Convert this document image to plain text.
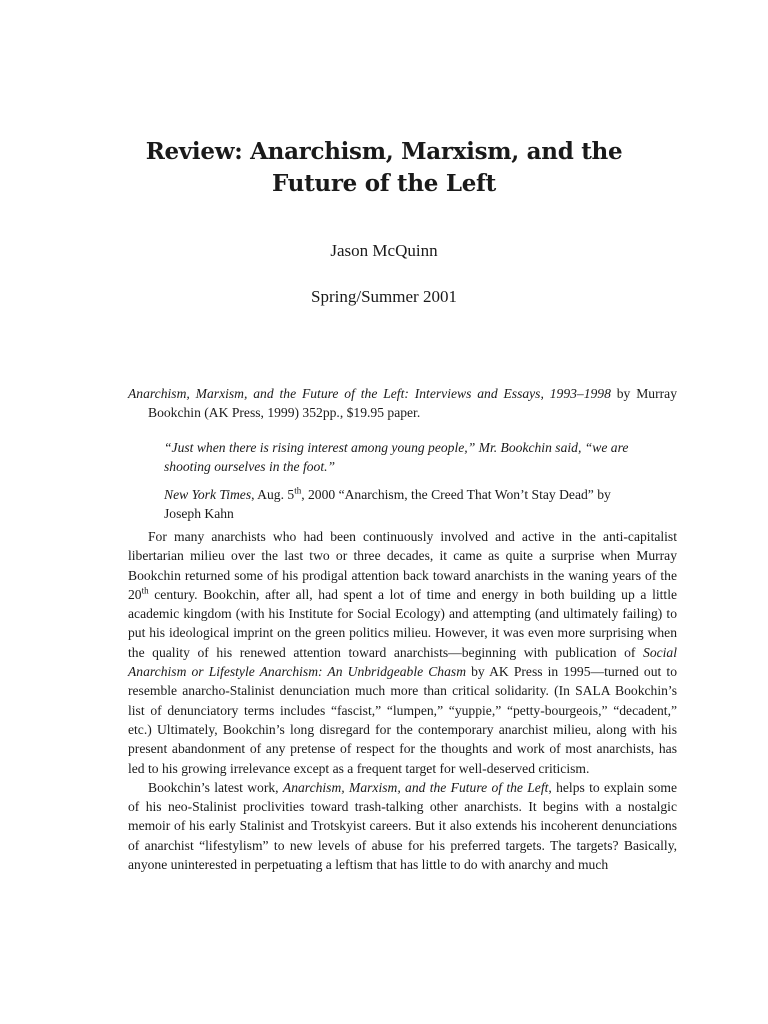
Review: Anarchism, Marxism, and the Future of the Left

Jason McQuinn

Spring/Summer 2001

Anarchism, Marxism, and the Future of the Left: Interviews and Essays, 1993–1998 by Murray Bookchin (AK Press, 1999) 352pp., $19.95 paper.

“Just when there is rising interest among young people,” Mr. Bookchin said, “we are shooting ourselves in the foot.”

New York Times, Aug. 5th, 2000 “Anarchism, the Creed That Won’t Stay Dead” by Joseph Kahn

For many anarchists who had been continuously involved and active in the anti-capitalist libertarian milieu over the last two or three decades, it came as quite a surprise when Murray Bookchin returned some of his prodigal attention back toward anarchists in the waning years of the 20th century. Bookchin, after all, had spent a lot of time and energy in both building up a little academic kingdom (with his Institute for Social Ecology) and attempting (and ultimately failing) to put his ideological imprint on the green politics milieu. However, it was even more surprising when the quality of his renewed attention toward anarchists—beginning with publication of Social Anarchism or Lifestyle Anarchism: An Unbridgeable Chasm by AK Press in 1995—turned out to resemble anarcho-Stalinist denunciation much more than critical solidarity. (In SALA Bookchin’s list of denunciatory terms includes “fascist,” “lumpen,” “yuppie,” “petty-bourgeois,” “decadent,” etc.) Ultimately, Bookchin’s long disregard for the contemporary anarchist milieu, along with his present abandonment of any pretense of respect for the thoughts and work of most anarchists, has led to his growing irrelevance except as a frequent target for well-deserved criticism.

Bookchin’s latest work, Anarchism, Marxism, and the Future of the Left, helps to explain some of his neo-Stalinist proclivities toward trash-talking other anarchists. It begins with a nostalgic memoir of his early Stalinist and Trotskyist careers. But it also extends his incoherent denunciations of anarchist “lifestylism” to new levels of abuse for his preferred targets. The targets? Basically, anyone uninterested in perpetuating a leftism that has little to do with anarchy and much
